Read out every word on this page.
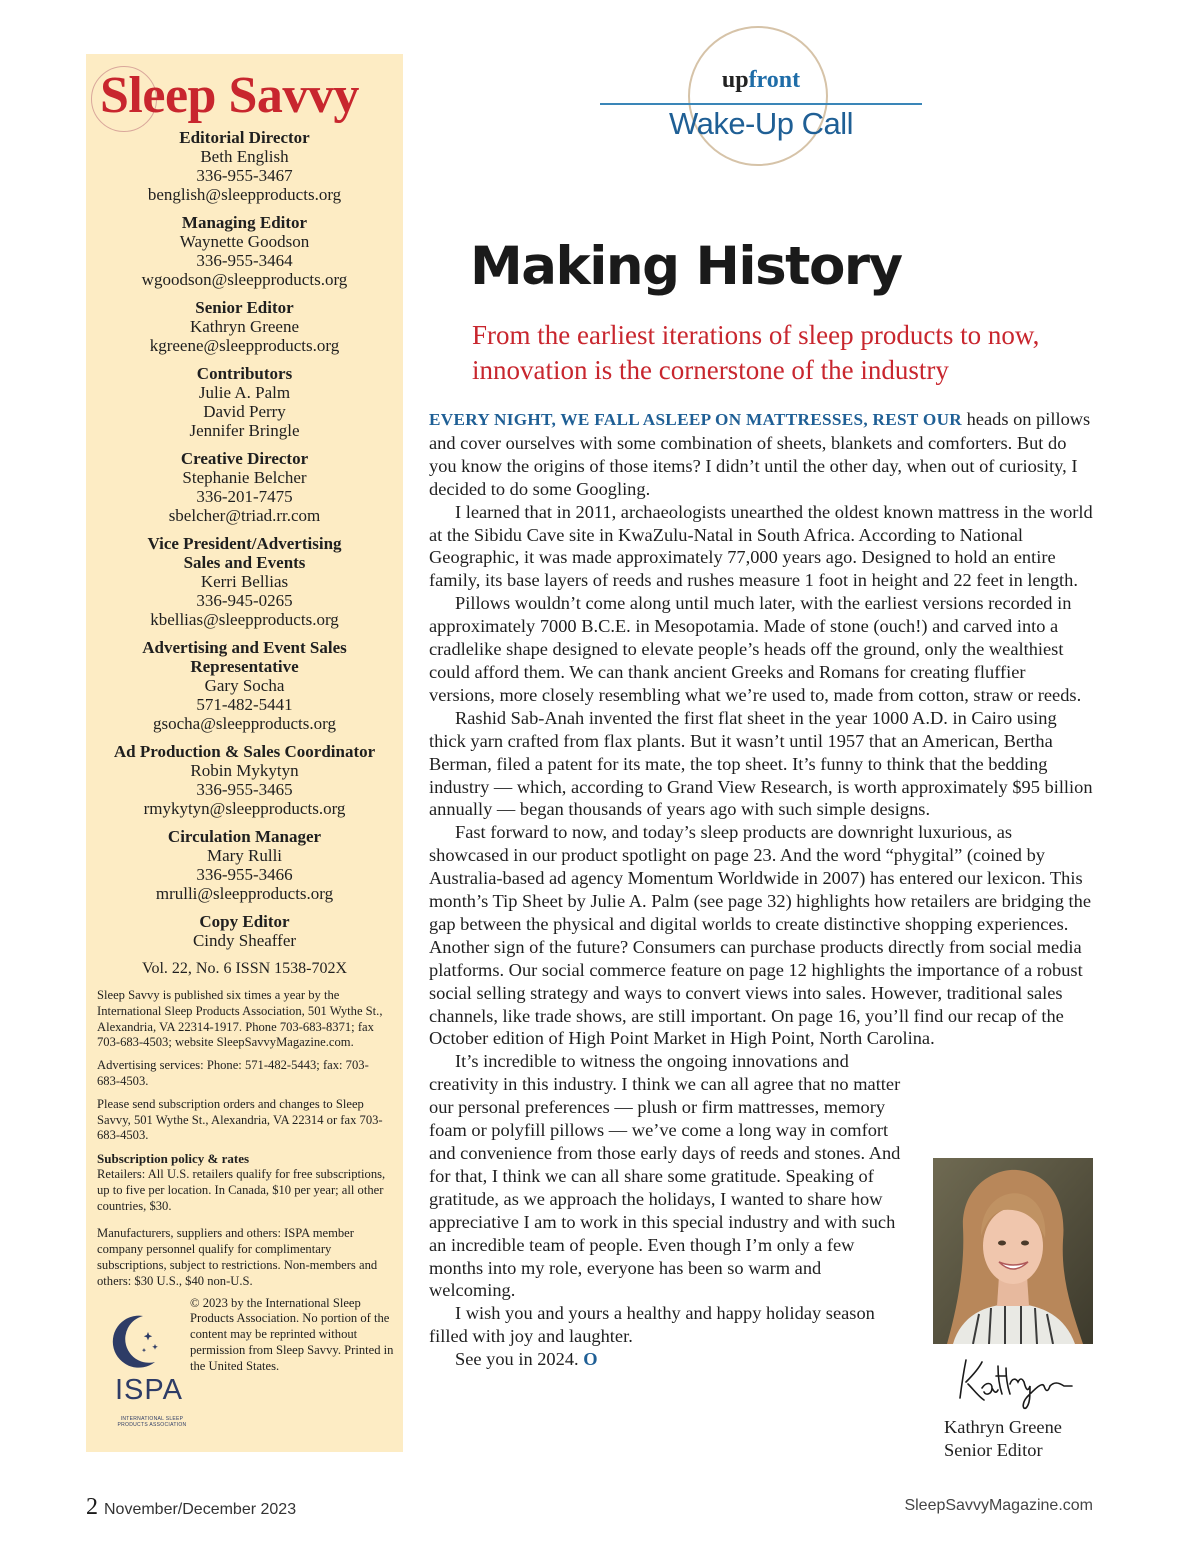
Sleep Savvy
Editorial Director
Beth English
336-955-3467
benglish@sleepproducts.org
Managing Editor
Waynette Goodson
336-955-3464
wgoodson@sleepproducts.org
Senior Editor
Kathryn Greene
kgreene@sleepproducts.org
Contributors
Julie A. Palm
David Perry
Jennifer Bringle
Creative Director
Stephanie Belcher
336-201-7475
sbelcher@triad.rr.com
Vice President/Advertising Sales and Events
Kerri Bellias
336-945-0265
kbellias@sleepproducts.org
Advertising and Event Sales Representative
Gary Socha
571-482-5441
gsocha@sleepproducts.org
Ad Production & Sales Coordinator
Robin Mykytyn
336-955-3465
rmykytyn@sleepproducts.org
Circulation Manager
Mary Rulli
336-955-3466
mrulli@sleepproducts.org
Copy Editor
Cindy Sheaffer
Vol. 22, No. 6 ISSN 1538-702X

Sleep Savvy is published six times a year by the International Sleep Products Association, 501 Wythe St., Alexandria, VA 22314-1917. Phone 703-683-8371; fax 703-683-4503; website SleepSavvyMagazine.com.

Advertising services: Phone: 571-482-5443; fax: 703-683-4503.

Please send subscription orders and changes to Sleep Savvy, 501 Wythe St., Alexandria, VA 22314 or fax 703-683-4503.

Subscription policy & rates

Retailers: All U.S. retailers qualify for free subscriptions, up to five per location. In Canada, $10 per year; all other countries, $30.

Manufacturers, suppliers and others: ISPA member company personnel qualify for complimentary subscriptions, subject to restrictions. Non-members and others: $30 U.S., $40 non-U.S.

ISPA
INTERNATIONAL SLEEP PRODUCTS ASSOCIATION

© 2023 by the International Sleep Products Association. No portion of the content may be reprinted without permission from Sleep Savvy. Printed in the United States.

upfront
Wake-Up Call
Making History

From the earliest iterations of sleep products to now, innovation is the cornerstone of the industry

EVERY NIGHT, WE FALL ASLEEP ON MATTRESSES, REST OUR heads on pillows and cover ourselves with some combination of sheets, blankets and comforters. But do you know the origins of those items? I didn’t until the other day, when out of curiosity, I decided to do some Googling.

I learned that in 2011, archaeologists unearthed the oldest known mattress in the world at the Sibidu Cave site in KwaZulu-Natal in South Africa. According to National Geographic, it was made approximately 77,000 years ago. Designed to hold an entire family, its base layers of reeds and rushes measure 1 foot in height and 22 feet in length.

Pillows wouldn’t come along until much later, with the earliest versions recorded in approximately 7000 B.C.E. in Mesopotamia. Made of stone (ouch!) and carved into a cradlelike shape designed to elevate people’s heads off the ground, only the wealthiest could afford them. We can thank ancient Greeks and Romans for creating fluffier versions, more closely resembling what we’re used to, made from cotton, straw or reeds.

Rashid Sab-Anah invented the first flat sheet in the year 1000 A.D. in Cairo using thick yarn crafted from flax plants. But it wasn’t until 1957 that an American, Bertha Berman, filed a patent for its mate, the top sheet. It’s funny to think that the bedding industry — which, according to Grand View Research, is worth approximately $95 billion annually — began thousands of years ago with such simple designs.

Fast forward to now, and today’s sleep products are downright luxurious, as showcased in our product spotlight on page 23. And the word “phygital” (coined by Australia-based ad agency Momentum Worldwide in 2007) has entered our lexicon. This month’s Tip Sheet by Julie A. Palm (see page 32) highlights how retailers are bridging the gap between the physical and digital worlds to create distinctive shopping experiences. Another sign of the future? Consumers can purchase products directly from social media platforms. Our social commerce feature on page 12 highlights the importance of a robust social selling strategy and ways to convert views into sales. However, traditional sales channels, like trade shows, are still important. On page 16, you’ll find our recap of the October edition of High Point Market in High Point, North Carolina.

It’s incredible to witness the ongoing innovations and creativity in this industry. I think we can all agree that no matter our personal preferences — plush or firm mattresses, memory foam or polyfill pillows — we’ve come a long way in comfort and convenience from those early days of reeds and stones. And for that, I think we can all share some gratitude. Speaking of gratitude, as we approach the holidays, I wanted to share how appreciative I am to work in this special industry and with such an incredible team of people. Even though I’m only a few months into my role, everyone has been so warm and welcoming.

I wish you and yours a healthy and happy holiday season filled with joy and laughter.

See you in 2024. O

Kathryn Greene
Senior Editor
2 November/December 2023	SleepSavvyMagazine.com
